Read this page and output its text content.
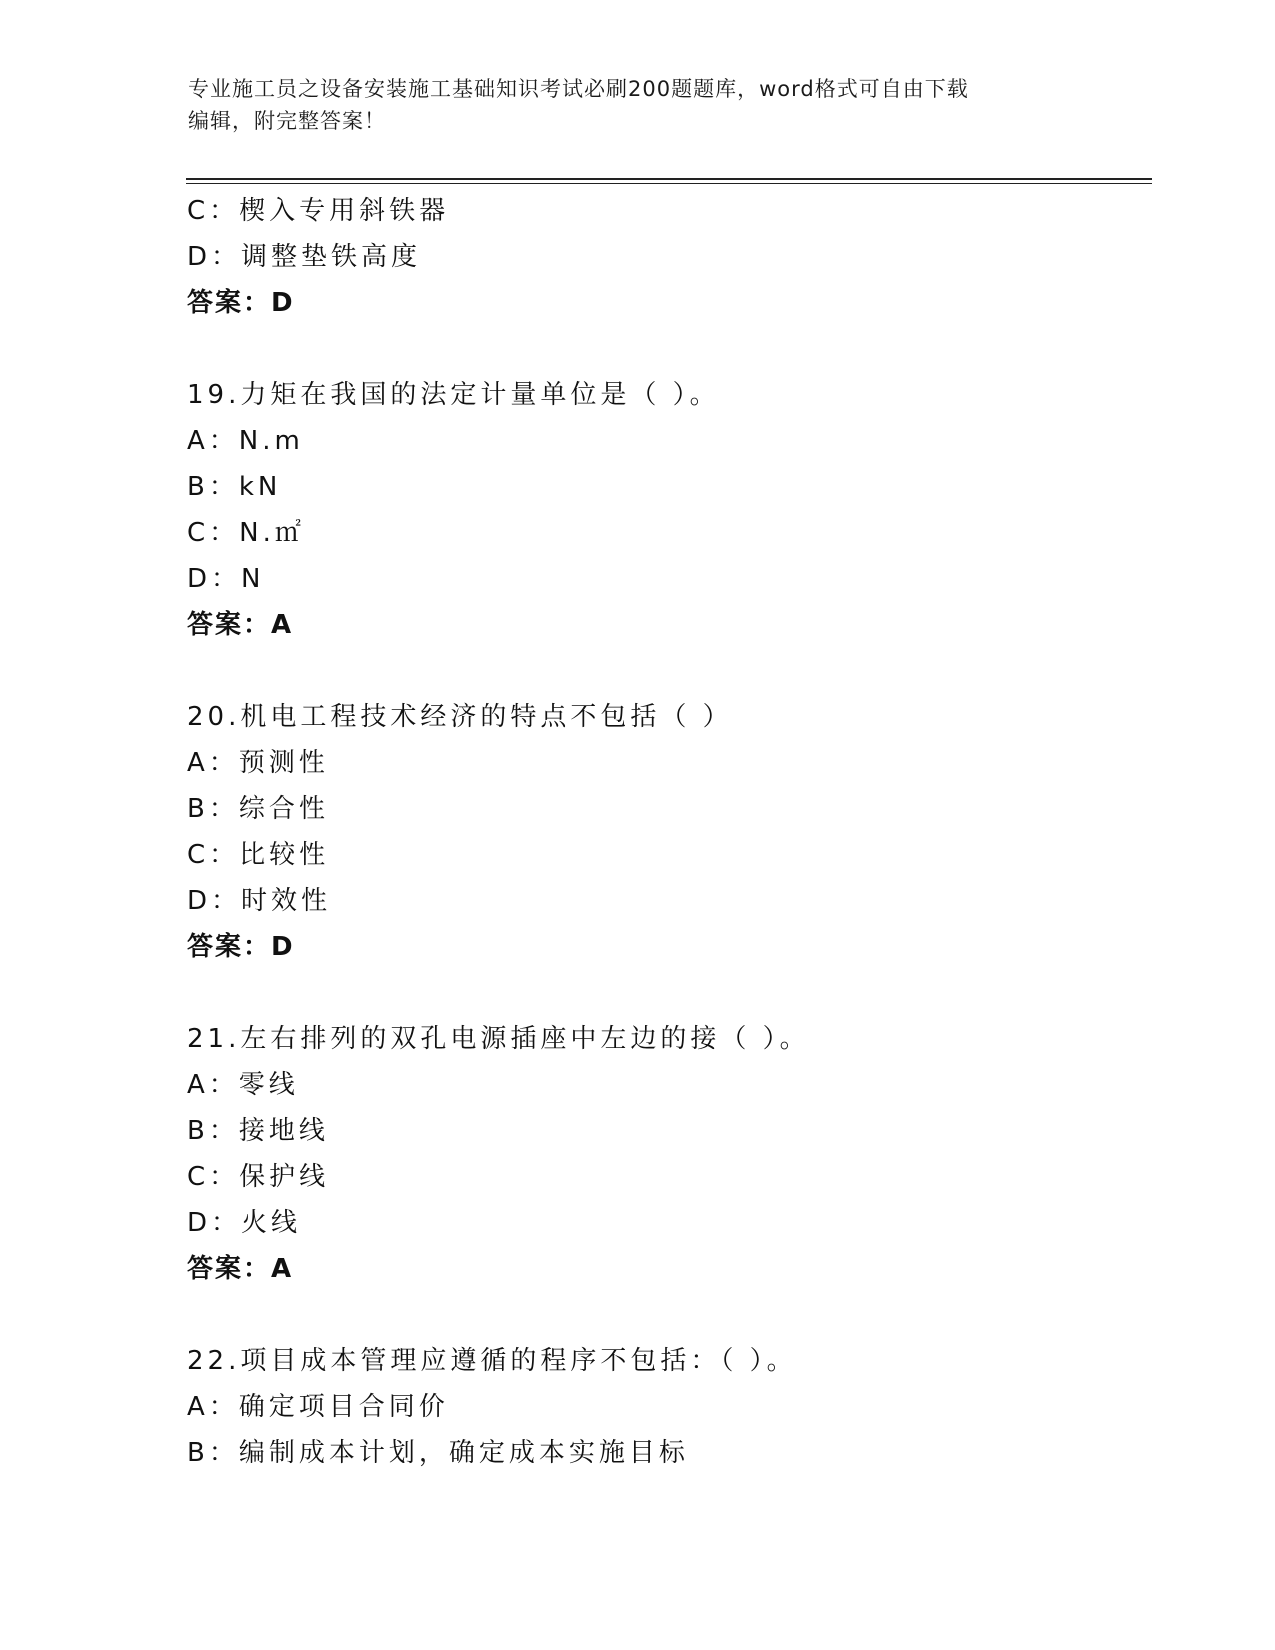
专业施工员之设备安装施工基础知识考试必刷200题题库，word格式可自由下载
编辑，附完整答案！
C：楔入专用斜铁器
D：调整垫铁高度
答案：D
19.力矩在我国的法定计量单位是（ ）。
A：N.m
B：kN
C：N.㎡
D：N
答案：A
20.机电工程技术经济的特点不包括（ ）
A：预测性
B：综合性
C：比较性
D：时效性
答案：D
21.左右排列的双孔电源插座中左边的接（ ）。
A：零线
B：接地线
C：保护线
D：火线
答案：A
22.项目成本管理应遵循的程序不包括：（ ）。
A：确定项目合同价
B：编制成本计划，确定成本实施目标
